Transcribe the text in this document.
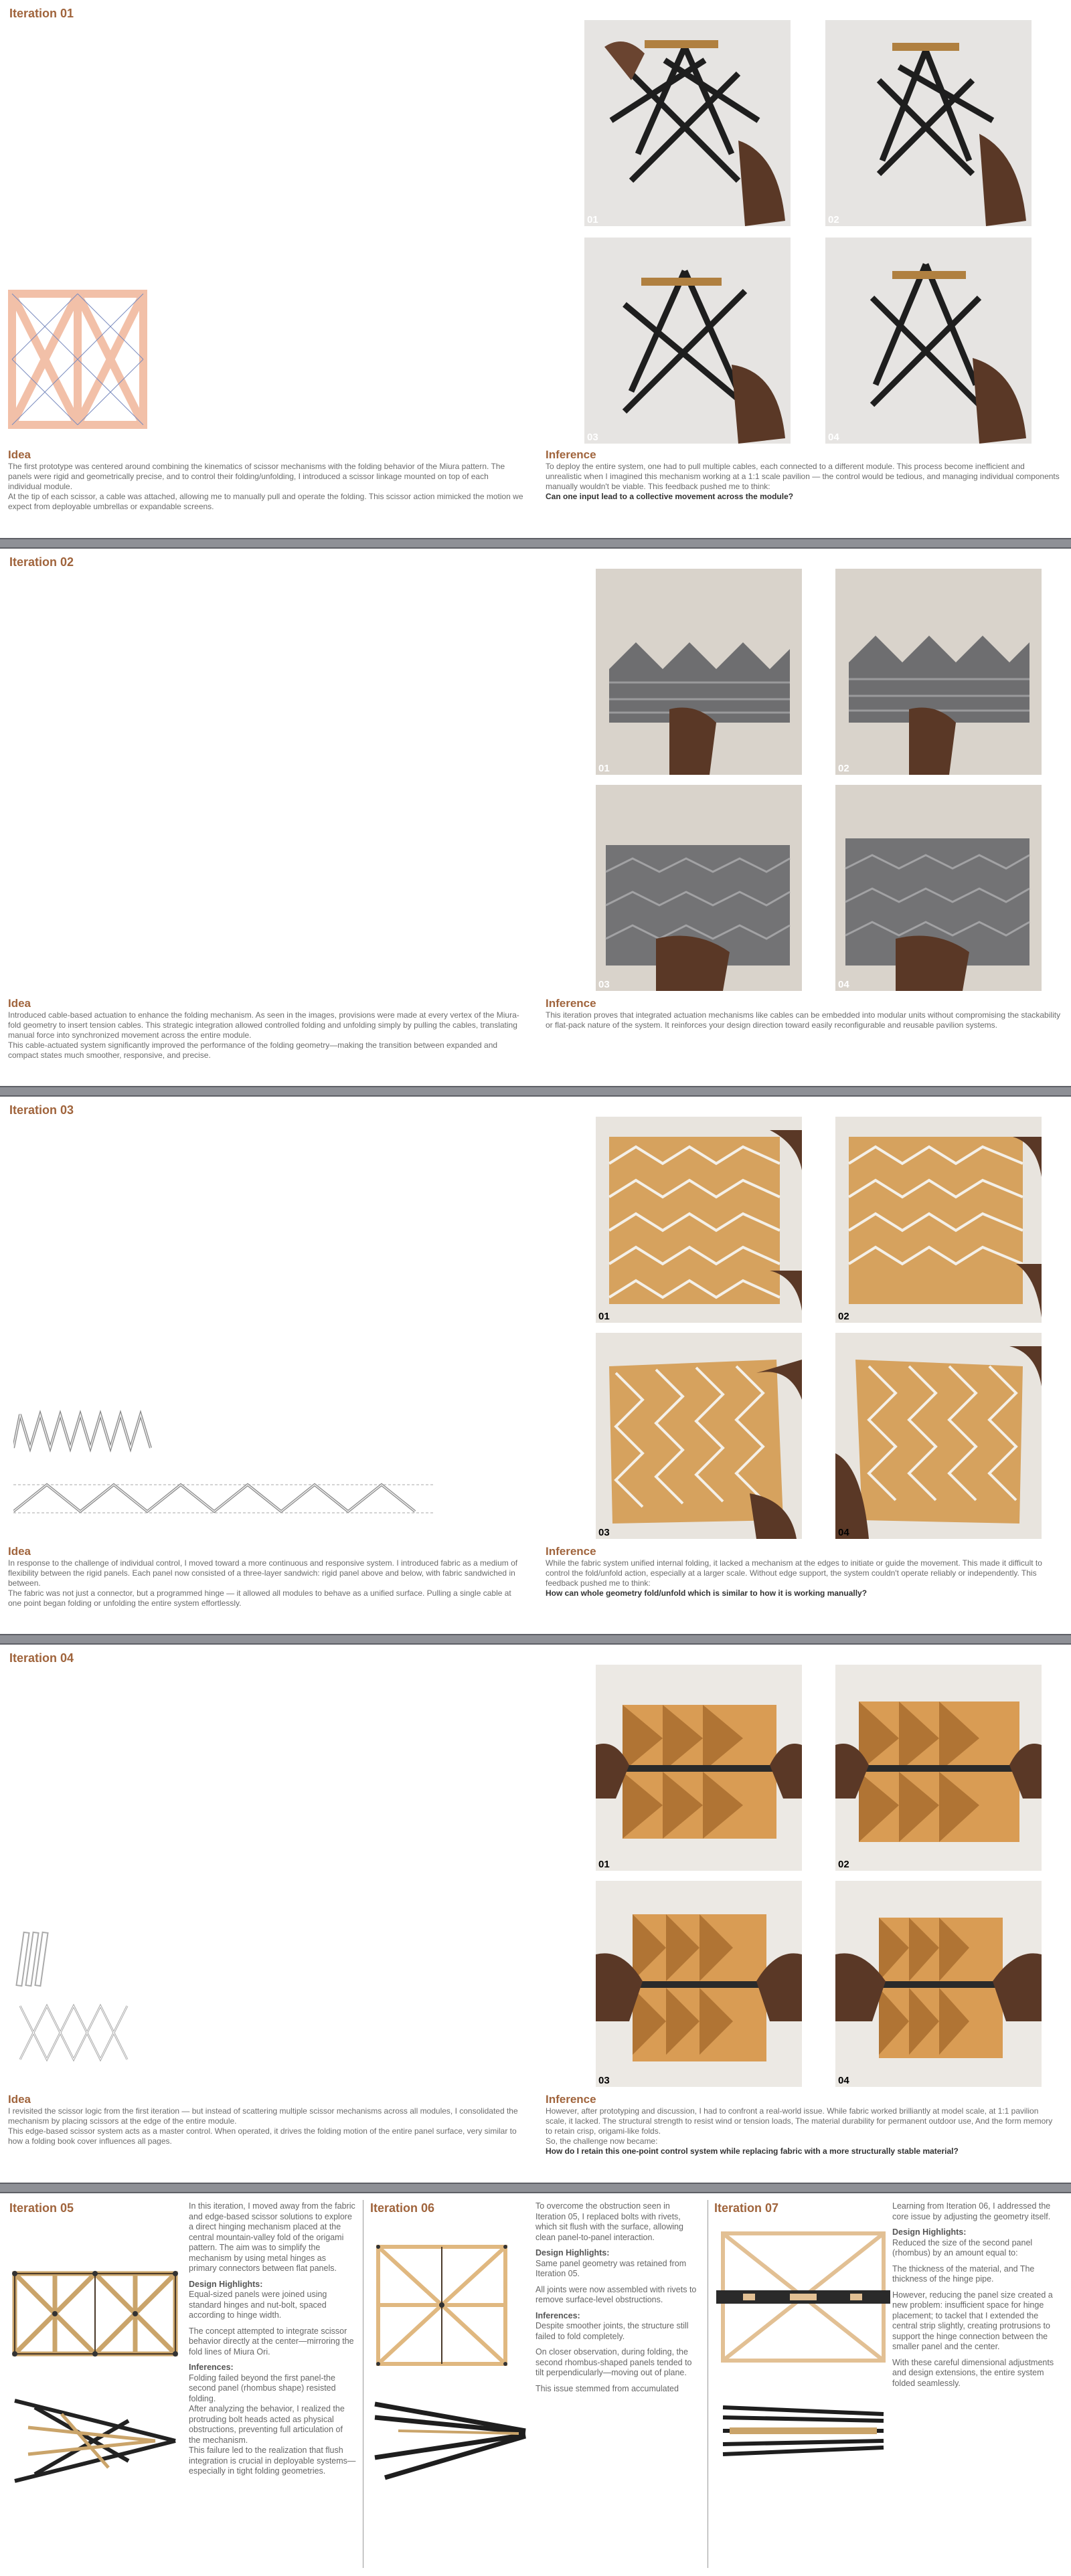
Iteration 01
01	02
03	04
Idea

The first prototype was centered around combining the kinematics of scissor mechanisms with the folding behavior of the Miura pattern. The panels were rigid and geometrically precise, and to control their folding/unfolding, I introduced a scissor linkage mounted on top of each individual module.

At the tip of each scissor, a cable was attached, allowing me to manually pull and operate the folding. This scissor action mimicked the motion we expect from deployable umbrellas or expandable screens.

Inference

To deploy the entire system, one had to pull multiple cables, each connected to a different module. This process become inefficient and unrealistic when I imagined this mechanism working at a 1:1 scale pavilion — the control would be tedious, and managing individual components manually wouldn't be viable. This feedback pushed me to think:

Can one input lead to a collective movement across the module?

Iteration 02
01	02
03	04
Idea

Introduced cable-based actuation to enhance the folding mechanism. As seen in the images, provisions were made at every vertex of the Miura-fold geometry to insert tension cables. This strategic integration allowed controlled folding and unfolding simply by pulling the cables, translating manual force into synchronized movement across the entire module.

This cable-actuated system significantly improved the performance of the folding geometry—making the transition between expanded and compact states much smoother, responsive, and precise.

Inference

This iteration proves that integrated actuation mechanisms like cables can be embedded into modular units without compromising the stackability or flat-pack nature of the system. It reinforces your design direction toward easily reconfigurable and reusable pavilion systems.

Iteration 03
01	02
03	04
Idea

In response to the challenge of individual control, I moved toward a more continuous and responsive system. I introduced fabric as a medium of flexibility between the rigid panels. Each panel now consisted of a three-layer sandwich: rigid panel above and below, with fabric sandwiched in between.

The fabric was not just a connector, but a programmed hinge — it allowed all modules to behave as a unified surface. Pulling a single cable at one point began folding or unfolding the entire system effortlessly.

Inference

While the fabric system unified internal folding, it lacked a mechanism at the edges to initiate or guide the movement. This made it difficult to control the fold/unfold action, especially at a larger scale. Without edge support, the system couldn't operate reliably or independently. This feedback pushed me to think:

How can whole geometry fold/unfold which is similar to how it is working manually?

Iteration 04
01	02
03	04
Idea

I revisited the scissor logic from the first iteration — but instead of scattering multiple scissor mechanisms across all modules, I consolidated the mechanism by placing scissors at the edge of the entire module.

This edge-based scissor system acts as a master control. When operated, it drives the folding motion of the entire panel surface, very similar to how a folding book cover influences all pages.

Inference

However, after prototyping and discussion, I had to confront a real-world issue. While fabric worked brilliantly at model scale, at 1:1 pavilion scale, it lacked. The structural strength to resist wind or tension loads, The material durability for permanent outdoor use, And the form memory to retain crisp, origami-like folds.

So, the challenge now became:

How do I retain this one-point control system while replacing fabric with a more structurally stable material?

Iteration 05	Iteration 06	Iteration 07

In this iteration, I moved away from the fabric and edge-based scissor solutions to explore a direct hinging mechanism placed at the central mountain-valley fold of the origami pattern. The aim was to simplify the mechanism by using metal hinges as primary connectors between flat panels.

Design Highlights:

Equal-sized panels were joined using standard hinges and nut-bolt, spaced according to hinge width.

The concept attempted to integrate scissor behavior directly at the center—mirroring the fold lines of Miura Ori.

Inferences:

Folding failed beyond the first panel-the second panel (rhombus shape) resisted folding.

After analyzing the behavior, I realized the protruding bolt heads acted as physical obstructions, preventing full articulation of the mechanism.

This failure led to the realization that flush integration is crucial in deployable systems—especially in tight folding geometries.

To overcome the obstruction seen in Iteration 05, I replaced bolts with rivets, which sit flush with the surface, allowing clean panel-to-panel interaction.

Design Highlights:

Same panel geometry was retained from Iteration 05.

All joints were now assembled with rivets to remove surface-level obstructions.

Inferences:

Despite smoother joints, the structure still failed to fold completely.

On closer observation, during folding, the second rhombus-shaped panels tended to tilt perpendicularly—moving out of plane.

This issue stemmed from accumulated

Learning from Iteration 06, I addressed the core issue by adjusting the geometry itself.

Design Highlights:

Reduced the size of the second panel (rhombus) by an amount equal to:

The thickness of the material, and The thickness of the hinge pipe.

However, reducing the panel size created a new problem: insufficient space for hinge placement; to tackel that I extended the central strip slightly, creating protrusions to support the hinge connection between the smaller panel and the center.

With these careful dimensional adjustments and design extensions, the entire system folded seamlessly.
